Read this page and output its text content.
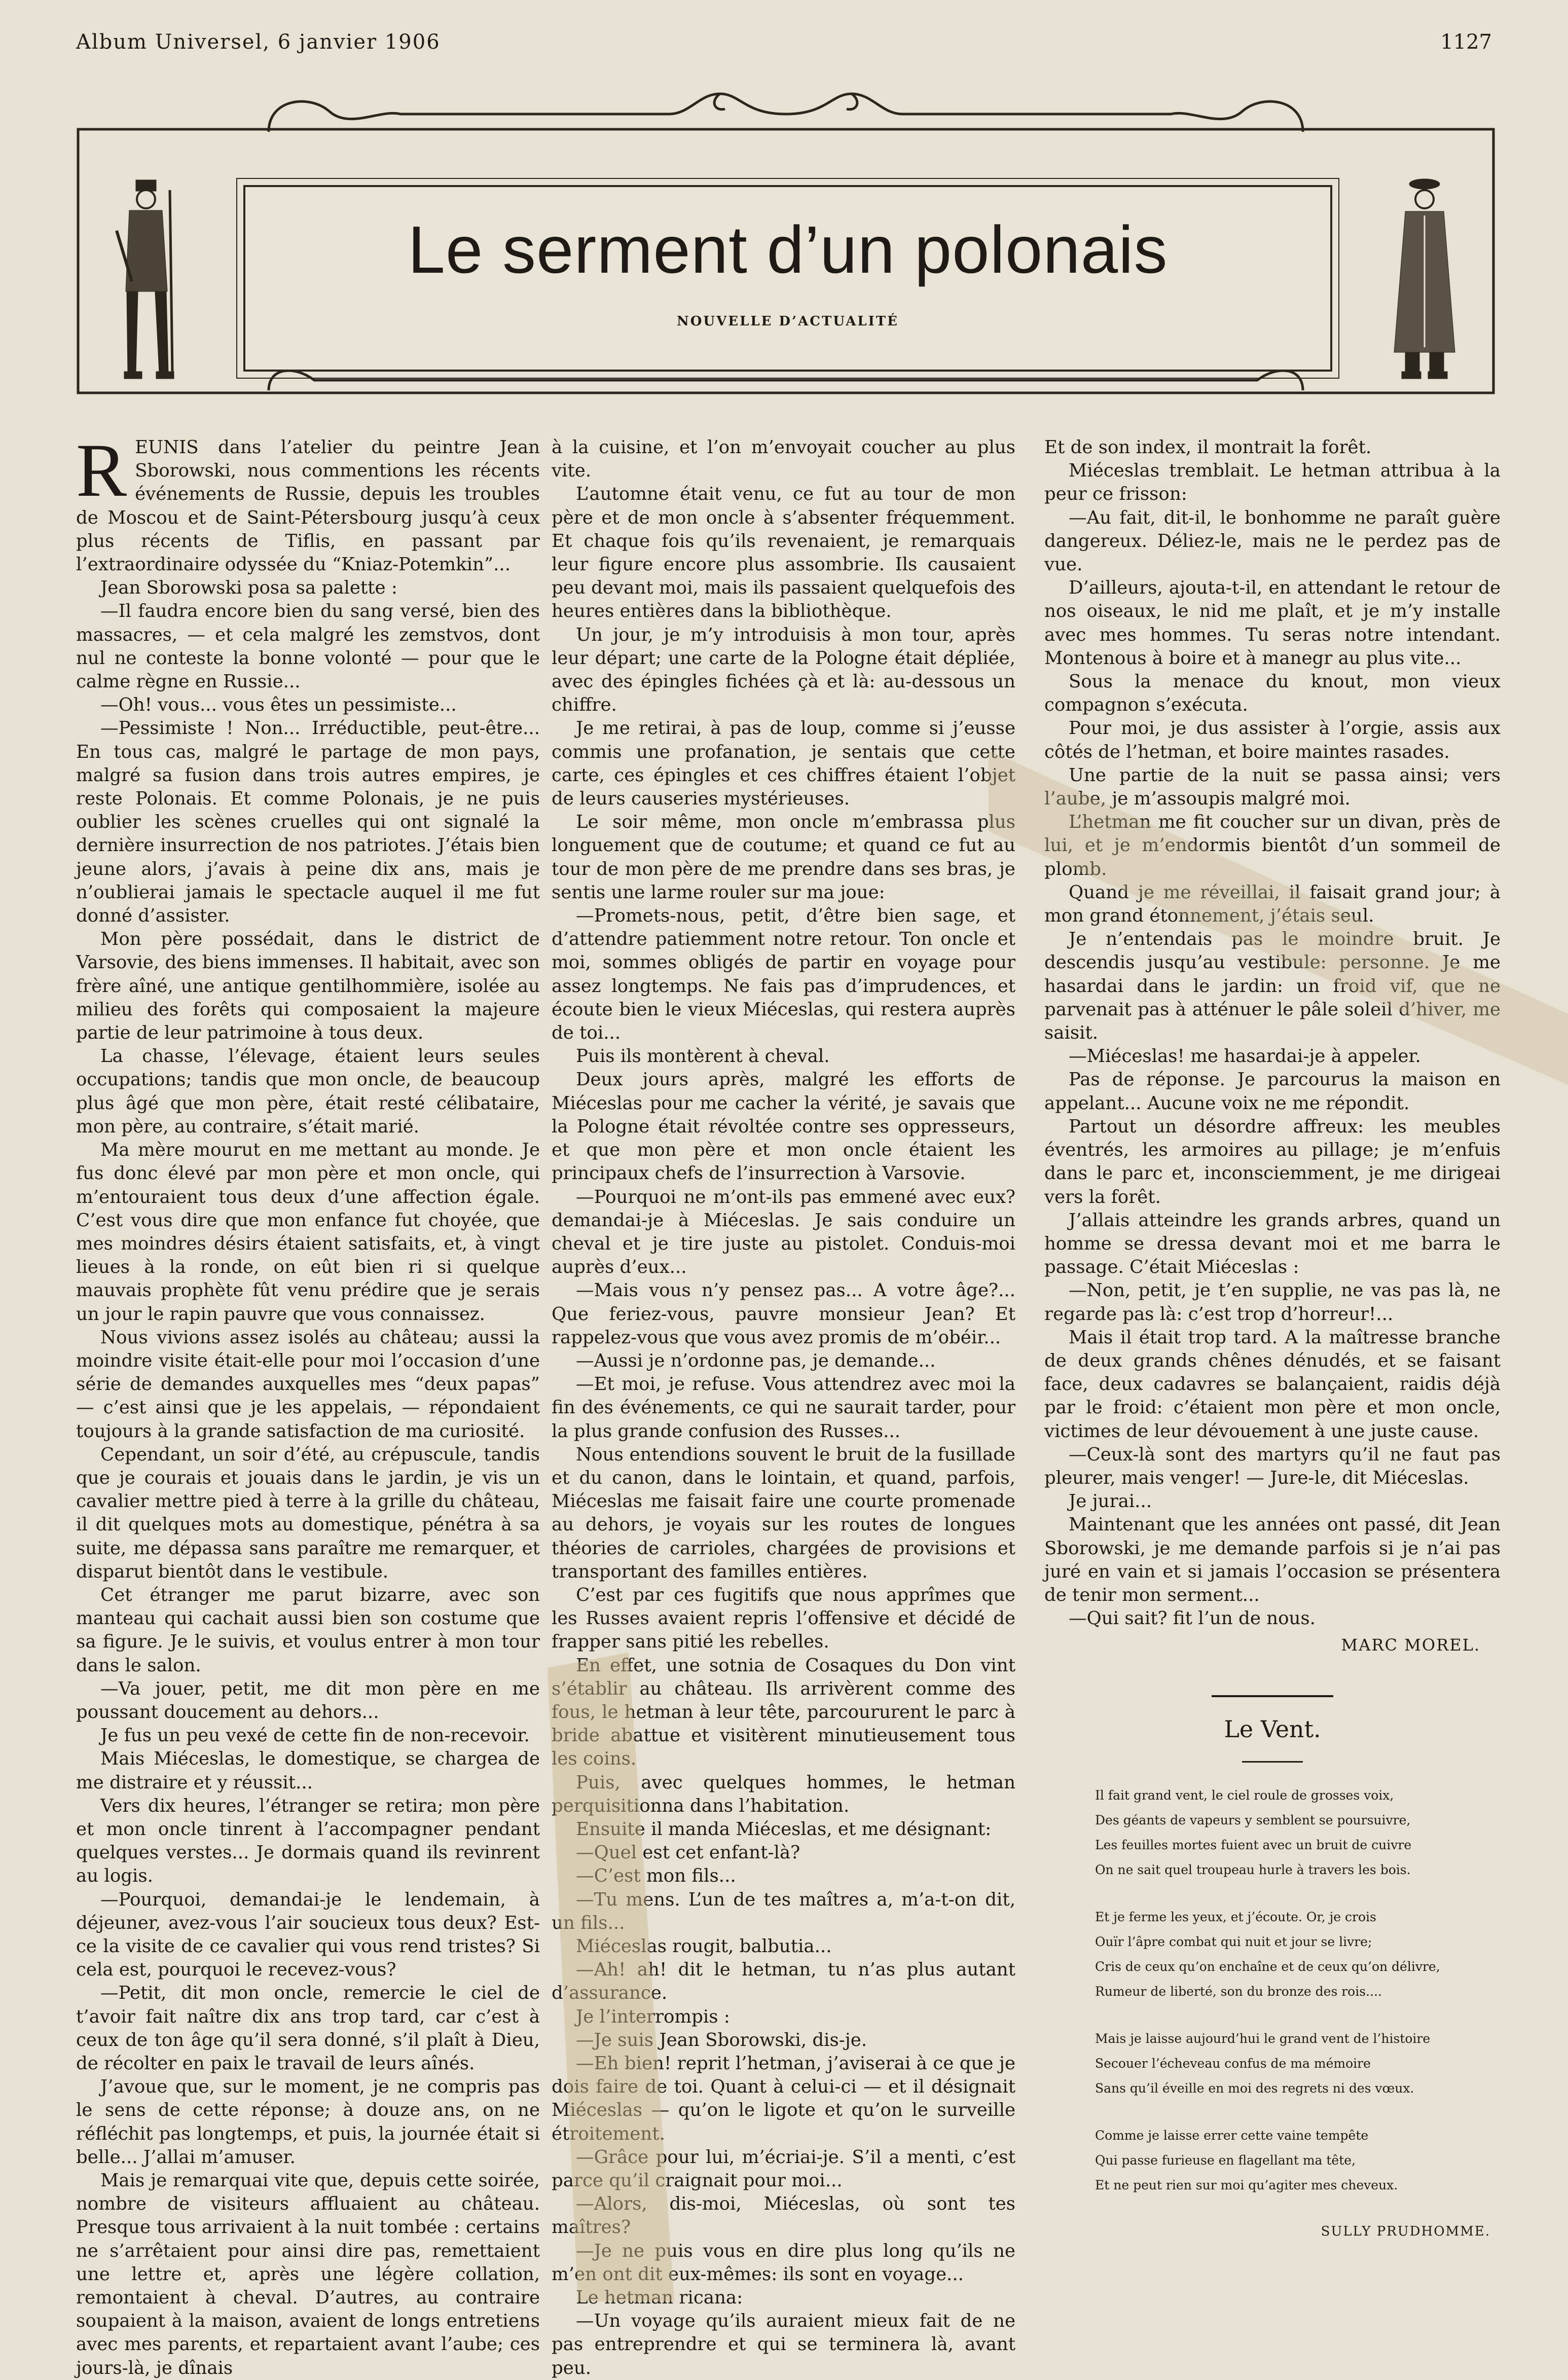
Album Universel, 6 janvier 1906	1127
Le serment d’un polonais
NOUVELLE D’ACTUALITÉ

REUNIS dans l’atelier du peintre Jean Sborowski, nous commentions les récents événements de Russie, depuis les troubles de Moscou et de Saint-Pétersbourg jusqu’à ceux plus récents de Tiflis, en passant par l’extraordinaire odyssée du “Kniaz-Potemkin”...

Jean Sborowski posa sa palette :

—Il faudra encore bien du sang versé, bien des massacres, — et cela malgré les zemstvos, dont nul ne conteste la bonne volonté — pour que le calme règne en Russie...

—Oh! vous... vous êtes un pessimiste...

—Pessimiste ! Non... Irréductible, peut-être... En tous cas, malgré le partage de mon pays, malgré sa fusion dans trois autres empires, je reste Polonais. Et comme Polonais, je ne puis oublier les scènes cruelles qui ont signalé la dernière insurrection de nos patriotes. J’étais bien jeune alors, j’avais à peine dix ans, mais je n’oublierai jamais le spectacle auquel il me fut donné d’assister.

Mon père possédait, dans le district de Varsovie, des biens immenses. Il habitait, avec son frère aîné, une antique gentilhommière, isolée au milieu des forêts qui composaient la majeure partie de leur patrimoine à tous deux.

La chasse, l’élevage, étaient leurs seules occupations; tandis que mon oncle, de beaucoup plus âgé que mon père, était resté célibataire, mon père, au contraire, s’était marié.

Ma mère mourut en me mettant au monde. Je fus donc élevé par mon père et mon oncle, qui m’entouraient tous deux d’une affection égale. C’est vous dire que mon enfance fut choyée, que mes moindres désirs étaient satisfaits, et, à vingt lieues à la ronde, on eût bien ri si quelque mauvais prophète fût venu prédire que je serais un jour le rapin pauvre que vous connaissez.

Nous vivions assez isolés au château; aussi la moindre visite était-elle pour moi l’occasion d’une série de demandes auxquelles mes “deux papas” — c’est ainsi que je les appelais, — répondaient toujours à la grande satisfaction de ma curiosité.

Cependant, un soir d’été, au crépuscule, tandis que je courais et jouais dans le jardin, je vis un cavalier mettre pied à terre à la grille du château, il dit quelques mots au domestique, pénétra à sa suite, me dépassa sans paraître me remarquer, et disparut bientôt dans le vestibule.

Cet étranger me parut bizarre, avec son manteau qui cachait aussi bien son costume que sa figure. Je le suivis, et voulus entrer à mon tour dans le salon.

—Va jouer, petit, me dit mon père en me poussant doucement au dehors...

Je fus un peu vexé de cette fin de non-recevoir.

Mais Miéceslas, le domestique, se chargea de me distraire et y réussit...

Vers dix heures, l’étranger se retira; mon père et mon oncle tinrent à l’accompagner pendant quelques verstes... Je dormais quand ils revinrent au logis.

—Pourquoi, demandai-je le lendemain, à déjeuner, avez-vous l’air soucieux tous deux? Est-ce la visite de ce cavalier qui vous rend tristes? Si cela est, pourquoi le recevez-vous?

—Petit, dit mon oncle, remercie le ciel de t’avoir fait naître dix ans trop tard, car c’est à ceux de ton âge qu’il sera donné, s’il plaît à Dieu, de récolter en paix le travail de leurs aînés.

J’avoue que, sur le moment, je ne compris pas le sens de cette réponse; à douze ans, on ne réfléchit pas longtemps, et puis, la journée était si belle... J’allai m’amuser.

Mais je remarquai vite que, depuis cette soirée, nombre de visiteurs affluaient au château. Presque tous arrivaient à la nuit tombée : certains ne s’arrêtaient pour ainsi dire pas, remettaient une lettre et, après une légère collation, remontaient à cheval. D’autres, au contraire soupaient à la maison, avaient de longs entretiens avec mes parents, et repartaient avant l’aube; ces jours-là, je dînais

à la cuisine, et l’on m’envoyait coucher au plus vite.

L’automne était venu, ce fut au tour de mon père et de mon oncle à s’absenter fréquemment. Et chaque fois qu’ils revenaient, je remarquais leur figure encore plus assombrie. Ils causaient peu devant moi, mais ils passaient quelquefois des heures entières dans la bibliothèque.

Un jour, je m’y introduisis à mon tour, après leur départ; une carte de la Pologne était dépliée, avec des épingles fichées çà et là: au-dessous un chiffre.

Je me retirai, à pas de loup, comme si j’eusse commis une profanation, je sentais que cette carte, ces épingles et ces chiffres étaient l’objet de leurs causeries mystérieuses.

Le soir même, mon oncle m’embrassa plus longuement que de coutume; et quand ce fut au tour de mon père de me prendre dans ses bras, je sentis une larme rouler sur ma joue:

—Promets-nous, petit, d’être bien sage, et d’attendre patiemment notre retour. Ton oncle et moi, sommes obligés de partir en voyage pour assez longtemps. Ne fais pas d’imprudences, et écoute bien le vieux Miéceslas, qui restera auprès de toi...

Puis ils montèrent à cheval.

Deux jours après, malgré les efforts de Miéceslas pour me cacher la vérité, je savais que la Pologne était révoltée contre ses oppresseurs, et que mon père et mon oncle étaient les principaux chefs de l’insurrection à Varsovie.

—Pourquoi ne m’ont-ils pas emmené avec eux? demandai-je à Miéceslas. Je sais conduire un cheval et je tire juste au pistolet. Conduis-moi auprès d’eux...

—Mais vous n’y pensez pas... A votre âge?... Que feriez-vous, pauvre monsieur Jean? Et rappelez-vous que vous avez promis de m’obéir...

—Aussi je n’ordonne pas, je demande...

—Et moi, je refuse. Vous attendrez avec moi la fin des événements, ce qui ne saurait tarder, pour la plus grande confusion des Russes...

Nous entendions souvent le bruit de la fusillade et du canon, dans le lointain, et quand, parfois, Miéceslas me faisait faire une courte promenade au dehors, je voyais sur les routes de longues théories de carrioles, chargées de provisions et transportant des familles entières.

C’est par ces fugitifs que nous apprîmes que les Russes avaient repris l’offensive et décidé de frapper sans pitié les rebelles.

En effet, une sotnia de Cosaques du Don vint s’établir au château. Ils arrivèrent comme des fous, le hetman à leur tête, parcoururent le parc à bride abattue et visitèrent minutieusement tous les coins.

Puis, avec quelques hommes, le hetman perquisitionna dans l’habitation.

Ensuite il manda Miéceslas, et me désignant:

—Quel est cet enfant-là?

—C’est mon fils...

—Tu mens. L’un de tes maîtres a, m’a-t-on dit, un fils...

Miéceslas rougit, balbutia...

—Ah! ah! dit le hetman, tu n’as plus autant d’assurance.

Je l’interrompis :

—Je suis Jean Sborowski, dis-je.

—Eh bien! reprit l’hetman, j’aviserai à ce que je dois faire de toi. Quant à celui-ci — et il désignait Miéceslas — qu’on le ligote et qu’on le surveille étroitement.

—Grâce pour lui, m’écriai-je. S’il a menti, c’est parce qu’il craignait pour moi...

—Alors, dis-moi, Miéceslas, où sont tes maîtres?

—Je ne puis vous en dire plus long qu’ils ne m’en ont dit eux-mêmes: ils sont en voyage...

Le hetman ricana:

—Un voyage qu’ils auraient mieux fait de ne pas entreprendre et qui se terminera là, avant peu.

Et de son index, il montrait la forêt.

Miéceslas tremblait. Le hetman attribua à la peur ce frisson:

—Au fait, dit-il, le bonhomme ne paraît guère dangereux. Déliez-le, mais ne le perdez pas de vue.

D’ailleurs, ajouta-t-il, en attendant le retour de nos oiseaux, le nid me plaît, et je m’y installe avec mes hommes. Tu seras notre intendant. Montenous à boire et à manegr au plus vite...

Sous la menace du knout, mon vieux compagnon s’exécuta.

Pour moi, je dus assister à l’orgie, assis aux côtés de l’hetman, et boire maintes rasades.

Une partie de la nuit se passa ainsi; vers l’aube, je m’assoupis malgré moi.

L’hetman me fit coucher sur un divan, près de lui, et je m’endormis bientôt d’un sommeil de plomb.

Quand je me réveillai, il faisait grand jour; à mon grand étonnement, j’étais seul.

Je n’entendais pas le moindre bruit. Je descendis jusqu’au vestibule: personne. Je me hasardai dans le jardin: un froid vif, que ne parvenait pas à atténuer le pâle soleil d’hiver, me saisit.

—Miéceslas! me hasardai-je à appeler.

Pas de réponse. Je parcourus la maison en appelant... Aucune voix ne me répondit.

Partout un désordre affreux: les meubles éventrés, les armoires au pillage; je m’enfuis dans le parc et, inconsciemment, je me dirigeai vers la forêt.

J’allais atteindre les grands arbres, quand un homme se dressa devant moi et me barra le passage. C’était Miéceslas :

—Non, petit, je t’en supplie, ne vas pas là, ne regarde pas là: c’est trop d’horreur!...

Mais il était trop tard. A la maîtresse branche de deux grands chênes dénudés, et se faisant face, deux cadavres se balançaient, raidis déjà par le froid: c’étaient mon père et mon oncle, victimes de leur dévouement à une juste cause.

—Ceux-là sont des martyrs qu’il ne faut pas pleurer, mais venger! — Jure-le, dit Miéceslas.

Je jurai...

Maintenant que les années ont passé, dit Jean Sborowski, je me demande parfois si je n’ai pas juré en vain et si jamais l’occasion se présentera de tenir mon serment...

—Qui sait? fit l’un de nous.

MARC MOREL.
Le Vent.
Il fait grand vent, le ciel roule de grosses voix,
Des géants de vapeurs y semblent se poursuivre,
Les feuilles mortes fuient avec un bruit de cuivre
On ne sait quel troupeau hurle à travers les bois.
Et je ferme les yeux, et j’écoute. Or, je crois
Ouïr l’âpre combat qui nuit et jour se livre;
Cris de ceux qu’on enchaîne et de ceux qu’on délivre,
Rumeur de liberté, son du bronze des rois....
Mais je laisse aujourd’hui le grand vent de l’histoire
Secouer l’écheveau confus de ma mémoire
Sans qu’il éveille en moi des regrets ni des vœux.
Comme je laisse errer cette vaine tempête
Qui passe furieuse en flagellant ma tête,
Et ne peut rien sur moi qu’agiter mes cheveux.
SULLY PRUDHOMME.
